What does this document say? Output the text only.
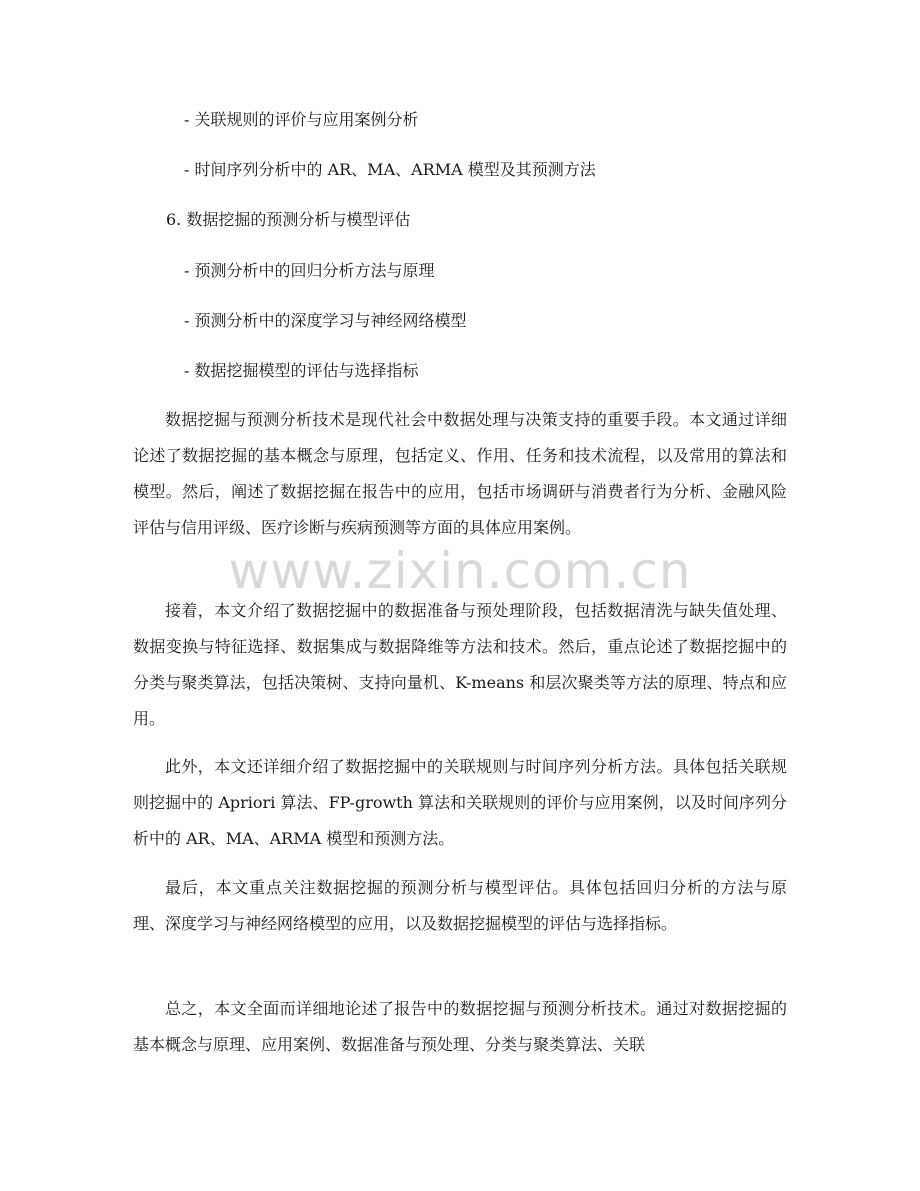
www.zixin.com.cn
- 关联规则的评价与应用案例分析
- 时间序列分析中的 AR、MA、ARMA 模型及其预测方法
6. 数据挖掘的预测分析与模型评估
- 预测分析中的回归分析方法与原理
- 预测分析中的深度学习与神经网络模型
- 数据挖掘模型的评估与选择指标

数据挖掘与预测分析技术是现代社会中数据处理与决策支持的重要手段。本文通过详细论述了数据挖掘的基本概念与原理，包括定义、作用、任务和技术流程，以及常用的算法和模型。然后，阐述了数据挖掘在报告中的应用，包括市场调研与消费者行为分析、金融风险评估与信用评级、医疗诊断与疾病预测等方面的具体应用案例。

接着，本文介绍了数据挖掘中的数据准备与预处理阶段，包括数据清洗与缺失值处理、数据变换与特征选择、数据集成与数据降维等方法和技术。然后，重点论述了数据挖掘中的分类与聚类算法，包括决策树、支持向量机、K-means 和层次聚类等方法的原理、特点和应用。

此外，本文还详细介绍了数据挖掘中的关联规则与时间序列分析方法。具体包括关联规则挖掘中的 Apriori 算法、FP-growth 算法和关联规则的评价与应用案例，以及时间序列分析中的 AR、MA、ARMA 模型和预测方法。

最后，本文重点关注数据挖掘的预测分析与模型评估。具体包括回归分析的方法与原理、深度学习与神经网络模型的应用，以及数据挖掘模型的评估与选择指标。

总之，本文全面而详细地论述了报告中的数据挖掘与预测分析技术。通过对数据挖掘的基本概念与原理、应用案例、数据准备与预处理、分类与聚类算法、关联
